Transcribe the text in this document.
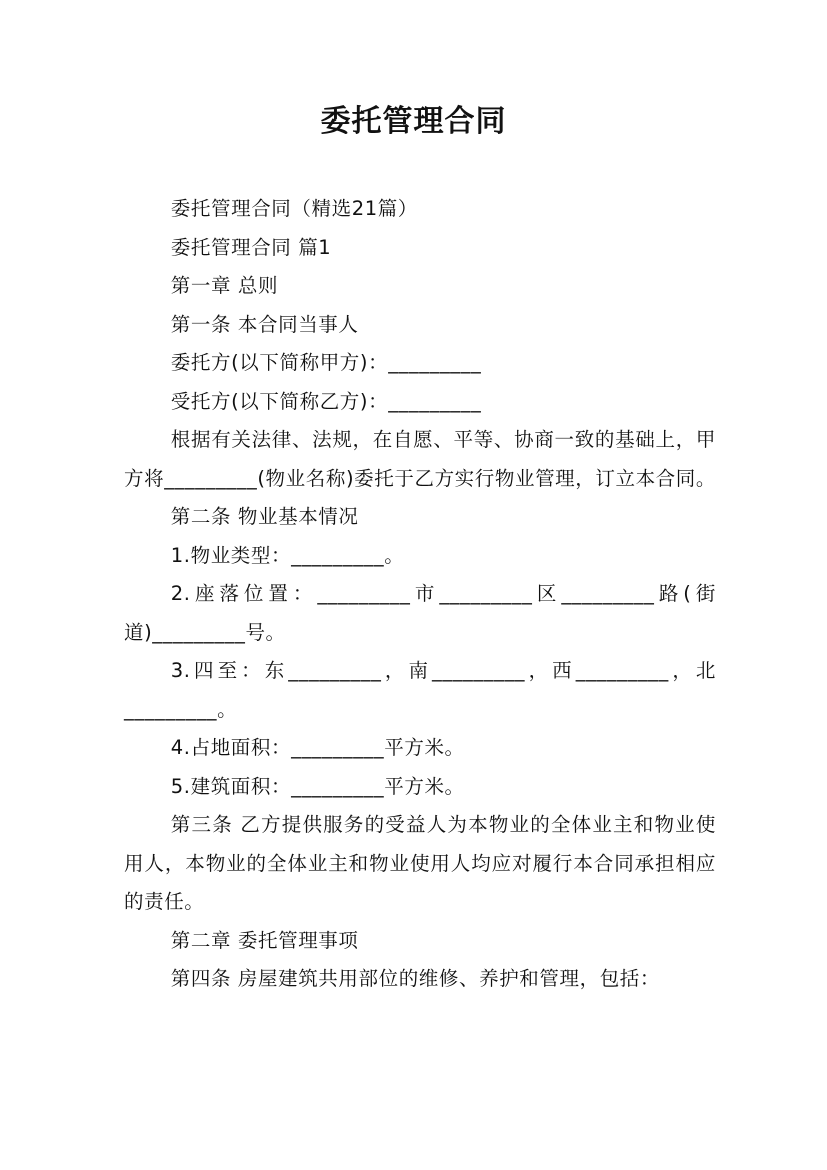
委托管理合同

委托管理合同（精选21篇）

委托管理合同 篇1

第一章 总则

第一条 本合同当事人

委托方(以下简称甲方)：_________

受托方(以下简称乙方)：_________

根据有关法律、法规，在自愿、平等、协商一致的基础上，甲方将_________(物业名称)委托于乙方实行物业管理，订立本合同。

第二条 物业基本情况

1.物业类型：_________。

2.座落位置：_________市_________区_________路(街道)_________号。

3.四至：东_________，南_________，西_________，北_________。

4.占地面积：_________平方米。

5.建筑面积：_________平方米。

第三条 乙方提供服务的受益人为本物业的全体业主和物业使用人，本物业的全体业主和物业使用人均应对履行本合同承担相应的责任。

第二章 委托管理事项

第四条 房屋建筑共用部位的维修、养护和管理，包括：
